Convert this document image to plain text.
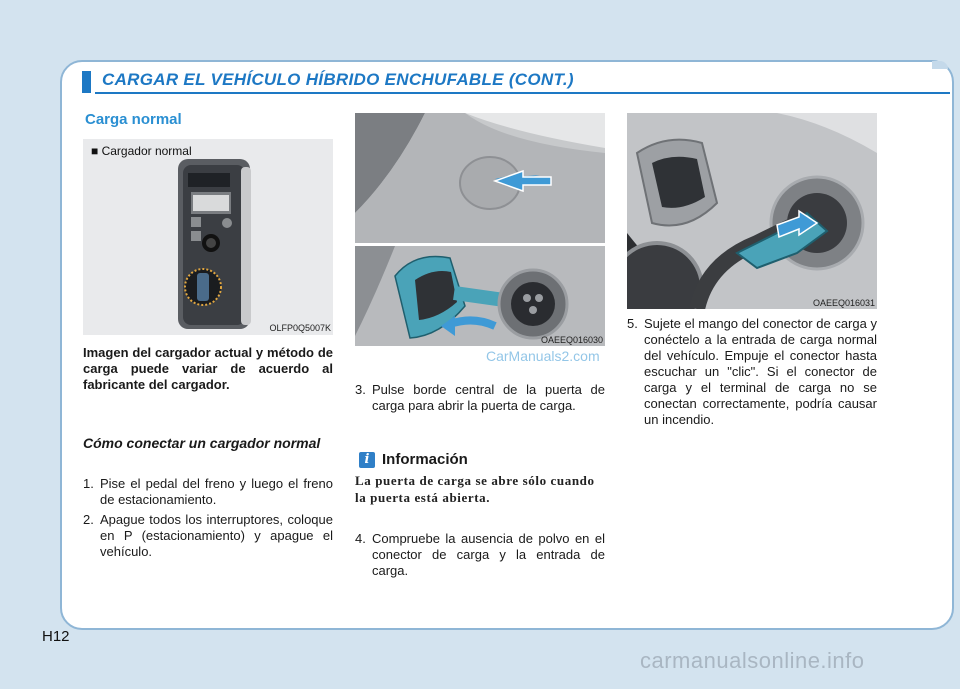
CARGAR EL VEHÍCULO HÍBRIDO ENCHUFABLE (CONT.)
Carga normal
■ Cargador normal
OLFP0Q5007K
Imagen del cargador actual y método de carga puede variar de acuerdo al fabricante del cargador.
Cómo conectar un cargador normal
1. Pise el pedal del freno y luego el freno de estacionamiento.
2. Apague todos los interruptores, coloque en P (estacionamiento) y apague el vehículo.
OAEEQ016030
CarManuals2.com
3. Pulse borde central de la puerta de carga para abrir la puerta de carga.
i Información
La puerta de carga se abre sólo cuando la puerta está abierta.
4. Compruebe la ausencia de polvo en el conector de carga y la entrada de carga.
OAEEQ016031
5. Sujete el mango del conector de carga y conéctelo a la entrada de carga normal del vehículo. Empuje el conector hasta escuchar un "clic". Si el conector de carga y el terminal de carga no se conectan correctamente, podría causar un incendio.
H12
carmanualsonline.info
